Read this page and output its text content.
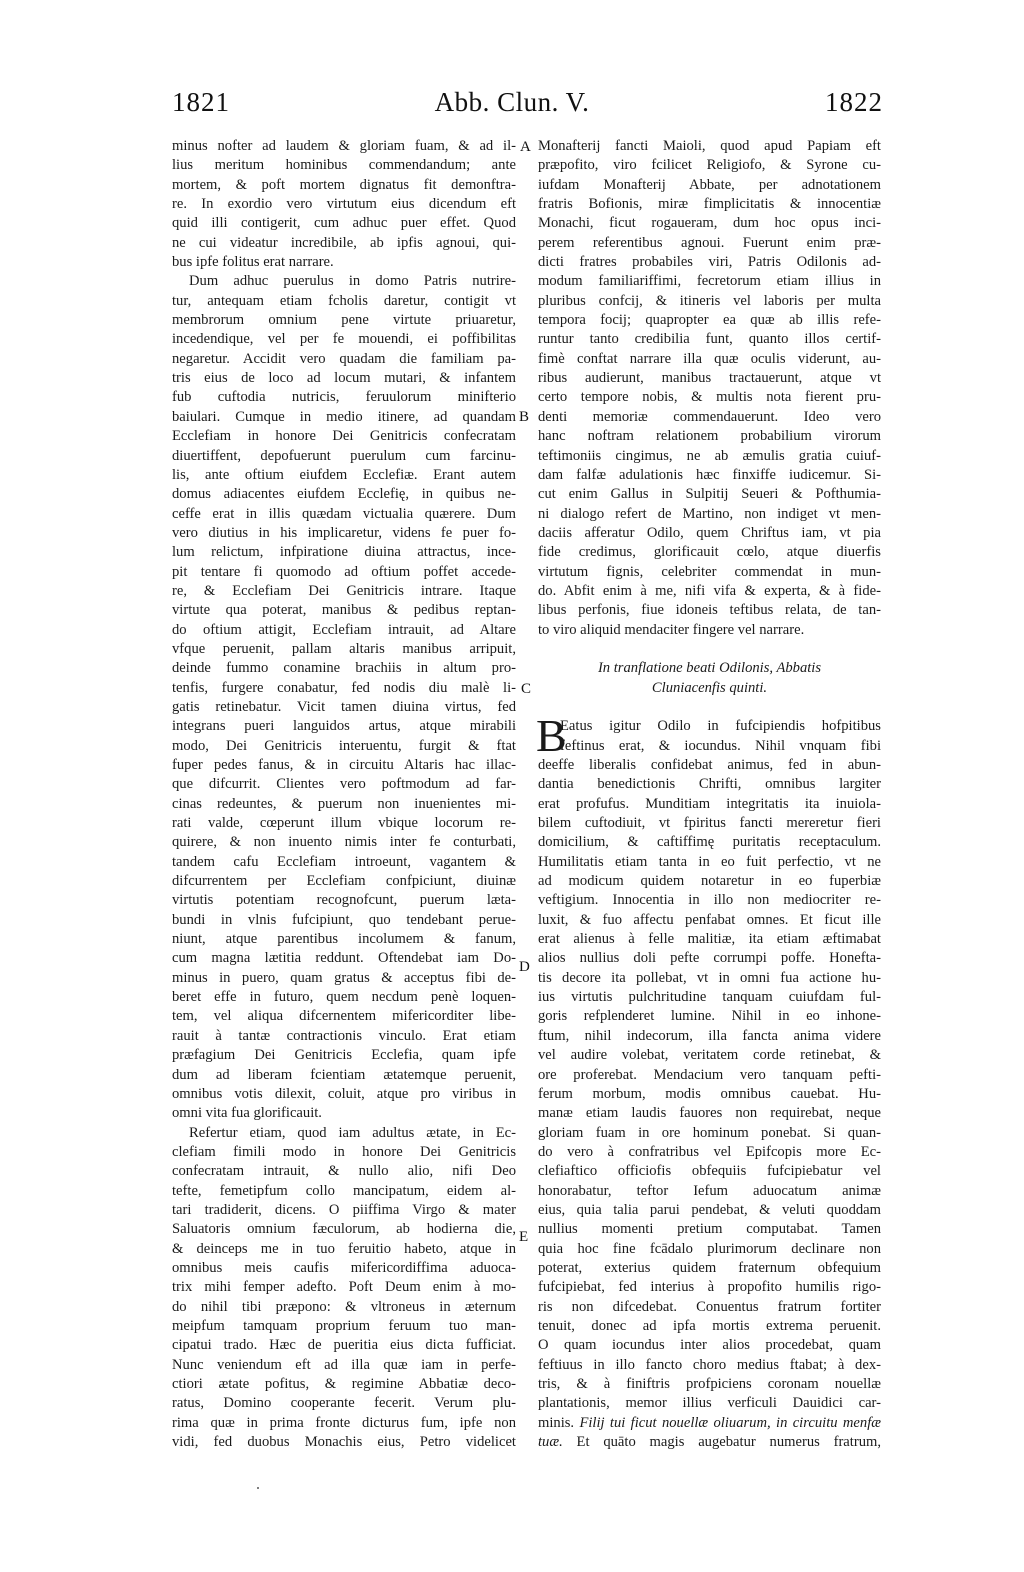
1821	Abb. Clun. V.	1822
A
B
C
D
E
minus nofter ad laudem & gloriam fuam, & ad il-
lius meritum hominibus commendandum; ante
mortem, & poft mortem dignatus fit demonftra-
re. In exordio vero virtutum eius dicendum eft
quid illi contigerit, cum adhuc puer effet. Quod
ne cui videatur incredibile, ab ipfis agnoui, qui-
bus ipfe folitus erat narrare.
Dum adhuc puerulus in domo Patris nutrire-
tur, antequam etiam fcholis daretur, contigit vt
membrorum omnium pene virtute priuaretur,
incedendique, vel per fe mouendi, ei poffibilitas
negaretur. Accidit vero quadam die familiam pa-
tris eius de loco ad locum mutari, & infantem
fub cuftodia nutricis, feruulorum minifterio
baiulari. Cumque in medio itinere, ad quandam
Ecclefiam in honore Dei Genitricis confecratam
diuertiffent, depofuerunt puerulum cum farcinu-
lis, ante oftium eiufdem Ecclefiæ. Erant autem
domus adiacentes eiufdem Ecclefię, in quibus ne-
ceffe erat in illis quædam victualia quærere. Dum
vero diutius in his implicaretur, videns fe puer fo-
lum relictum, infpiratione diuina attractus, ince-
pit tentare fi quomodo ad oftium poffet accede-
re, & Ecclefiam Dei Genitricis intrare. Itaque
virtute qua poterat, manibus & pedibus reptan-
do oftium attigit, Ecclefiam intrauit, ad Altare
vfque peruenit, pallam altaris manibus arripuit,
deinde fummo conamine brachiis in altum pro-
tenfis, furgere conabatur, fed nodis diu malè li-
gatis retinebatur. Vicit tamen diuina virtus, fed
integrans pueri languidos artus, atque mirabili
modo, Dei Genitricis interuentu, furgit & ftat
fuper pedes fanus, & in circuitu Altaris hac illac-
que difcurrit. Clientes vero poftmodum ad far-
cinas redeuntes, & puerum non inuenientes mi-
rati valde, cœperunt illum vbique locorum re-
quirere, & non inuento nimis inter fe conturbati,
tandem cafu Ecclefiam introeunt, vagantem &
difcurrentem per Ecclefiam confpiciunt, diuinæ
virtutis potentiam recognofcunt, puerum læta-
bundi in vlnis fufcipiunt, quo tendebant perue-
niunt, atque parentibus incolumem & fanum,
cum magna lætitia reddunt. Oftendebat iam Do-
minus in puero, quam gratus & acceptus fibi de-
beret effe in futuro, quem necdum penè loquen-
tem, vel aliqua difcernentem mifericorditer libe-
rauit à tantæ contractionis vinculo. Erat etiam
præfagium Dei Genitricis Ecclefia, quam ipfe
dum ad liberam fcientiam ætatemque peruenit,
omnibus votis dilexit, coluit, atque pro viribus in
omni vita fua glorificauit.
Refertur etiam, quod iam adultus ætate, in Ec-
clefiam fimili modo in honore Dei Genitricis
confecratam intrauit, & nullo alio, nifi Deo
tefte, femetipfum collo mancipatum, eidem al-
tari tradiderit, dicens. O piiffima Virgo & mater
Saluatoris omnium fæculorum, ab hodierna die,
& deinceps me in tuo feruitio habeto, atque in
omnibus meis caufis mifericordiffima aduoca-
trix mihi femper adefto. Poft Deum enim à mo-
do nihil tibi præpono: & vltroneus in æternum
meipfum tamquam proprium feruum tuo man-
cipatui trado. Hæc de pueritia eius dicta fufficiat.
Nunc veniendum eft ad illa quæ iam in perfe-
ctiori ætate pofitus, & regimine Abbatiæ deco-
ratus, Domino cooperante fecerit. Verum plu-
rima quæ in prima fronte dicturus fum, ipfe non
vidi, fed duobus Monachis eius, Petro videlicet
Monafterij fancti Maioli, quod apud Papiam eft
præpofito, viro fcilicet Religiofo, & Syrone cu-
iufdam Monafterij Abbate, per adnotationem
fratris Bofionis, miræ fimplicitatis & innocentiæ
Monachi, ficut rogaueram, dum hoc opus inci-
perem referentibus agnoui. Fuerunt enim præ-
dicti fratres probabiles viri, Patris Odilonis ad-
modum familiariffimi, fecretorum etiam illius in
pluribus confcij, & itineris vel laboris per multa
tempora focij; quapropter ea quæ ab illis refe-
runtur tanto credibilia funt, quanto illos certif-
fimè conftat narrare illa quæ oculis viderunt, au-
ribus audierunt, manibus tractauerunt, atque vt
certo tempore nobis, & multis nota fierent pru-
denti memoriæ commendauerunt. Ideo vero
hanc noftram relationem probabilium virorum
teftimoniis cingimus, ne ab æmulis gratia cuiuf-
dam falfæ adulationis hæc finxiffe iudicemur. Si-
cut enim Gallus in Sulpitij Seueri & Pofthumia-
ni dialogo refert de Martino, non indiget vt men-
daciis afferatur Odilo, quem Chriftus iam, vt pia
fide credimus, glorificauit cœlo, atque diuerfis
virtutum fignis, celebriter commendat in mun-
do. Abfit enim à me, nifi vifa & experta, & à fide-
libus perfonis, fiue idoneis teftibus relata, de tan-
to viro aliquid mendaciter fingere vel narrare.
In tranflatione beati Odilonis, Abbatis
Cluniacenfis quinti.
Eatus igitur Odilo in fufcipiendis hofpitibus
B
feftinus erat, & iocundus. Nihil vnquam fibi
deeffe liberalis confidebat animus, fed in abun-
dantia benedictionis Chrifti, omnibus largiter
erat profufus. Munditiam integritatis ita inuiola-
bilem cuftodiuit, vt fpiritus fancti mereretur fieri
domicilium, & caftiffimę puritatis receptaculum.
Humilitatis etiam tanta in eo fuit perfectio, vt ne
ad modicum quidem notaretur in eo fuperbiæ
veftigium. Innocentia in illo non mediocriter re-
luxit, & fuo affectu penfabat omnes. Et ficut ille
erat alienus à felle malitiæ, ita etiam æftimabat
alios nullius doli pefte corrumpi poffe. Honefta-
tis decore ita pollebat, vt in omni fua actione hu-
ius virtutis pulchritudine tanquam cuiufdam ful-
goris refplenderet lumine. Nihil in eo inhone-
ftum, nihil indecorum, illa fancta anima videre
vel audire volebat, veritatem corde retinebat, &
ore proferebat. Mendacium vero tanquam pefti-
ferum morbum, modis omnibus cauebat. Hu-
manæ etiam laudis fauores non requirebat, neque
gloriam fuam in ore hominum ponebat. Si quan-
do vero à confratribus vel Epifcopis more Ec-
clefiaftico officiofis obfequiis fufcipiebatur vel
honorabatur, teftor Iefum aduocatum animæ
eius, quia talia parui pendebat, & veluti quoddam
nullius momenti pretium computabat. Tamen
quia hoc fine fcādalo plurimorum declinare non
poterat, exterius quidem fraternum obfequium
fufcipiebat, fed interius à propofito humilis rigo-
ris non difcedebat. Conuentus fratrum fortiter
tenuit, donec ad ipfa mortis extrema peruenit.
O quam iocundus inter alios procedebat, quam
feftiuus in illo fancto choro medius ftabat; à dex-
tris, & à finiftris profpiciens coronam nouellæ
plantationis, memor illius verficuli Dauidici car-
minis. Filij tui ficut nouellæ oliuarum, in circuitu menfæ
tuæ. Et quāto magis augebatur numerus fratrum,
